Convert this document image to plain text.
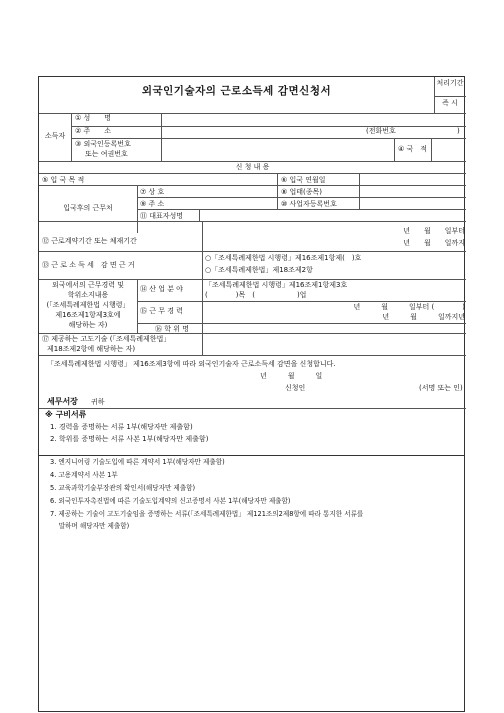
외국인기술자의 근로소득세 감면신청서
처리기간
즉 시
소득자
① 성　　명
② 주　　소	(전화번호	)
③ 외국인등록번호
또는 여권번호
④ 국　적
신 청 내 용
⑤ 입 국 목 적	⑥ 입국 연월일
입국후의 근무처
⑦ 상 호	⑧ 업태(종목)
⑨ 주 소	⑩ 사업자등록번호
⑪ 대표자성명
⑫ 근로계약기간 또는 체재기간
년　　월　　일부터
년　　월　　일까지
⑬ 근 로 소 득 세　감 면 근 거
○「조세특례제한법 시행령」제16조제1항제(　)호
○「조세특례제한법」제18조제2항
외국에서의 근무경력 및
학위소지내용
(「조세특례제한법 시행령」
제16조제1항제3호에
해당하는 자)
⑭ 산 업 분 야	「조세특례제한법 시행령」제16조제1항제3호
(　　　　)목　(　　　　　　)업
⑮ 근 무 경 력	년　　　월　　　일부터 (　　　　)
년　　　월　　　일까지년
⑯ 학 위 명
⑰ 제공하는 고도기술 (「조세특례제한법」
제18조제2항에 해당하는 자)
「조세특례제한법 시행령」 제16조제3항에 따라 외국인기술자 근로소득세 감면을 신청합니다.
년　　　월　　　일
신청인	(서명 또는 인)
세무서장 귀하
※ 구비서류
1. 경력을 증명하는 서류 1부(해당자만 제출함)
2. 학위를 증명하는 서류 사본 1부(해당자만 제출함)
3. 엔지니어링 기술도입에 따른 계약서 1부(해당자만 제출함)
4. 고용계약서 사본 1부
5. 교육과학기술부장관의 확인서(해당자만 제출함)
6. 외국인투자촉진법에 따른 기술도입계약의 신고증명서 사본 1부(해당자만 제출함)
7. 제공하는 기술이 고도기술임을 증명하는 서류(「조세특례제한법」 제121조의2제8항에 따라 통지한 서류를
　 말하며 해당자만 제출함)
